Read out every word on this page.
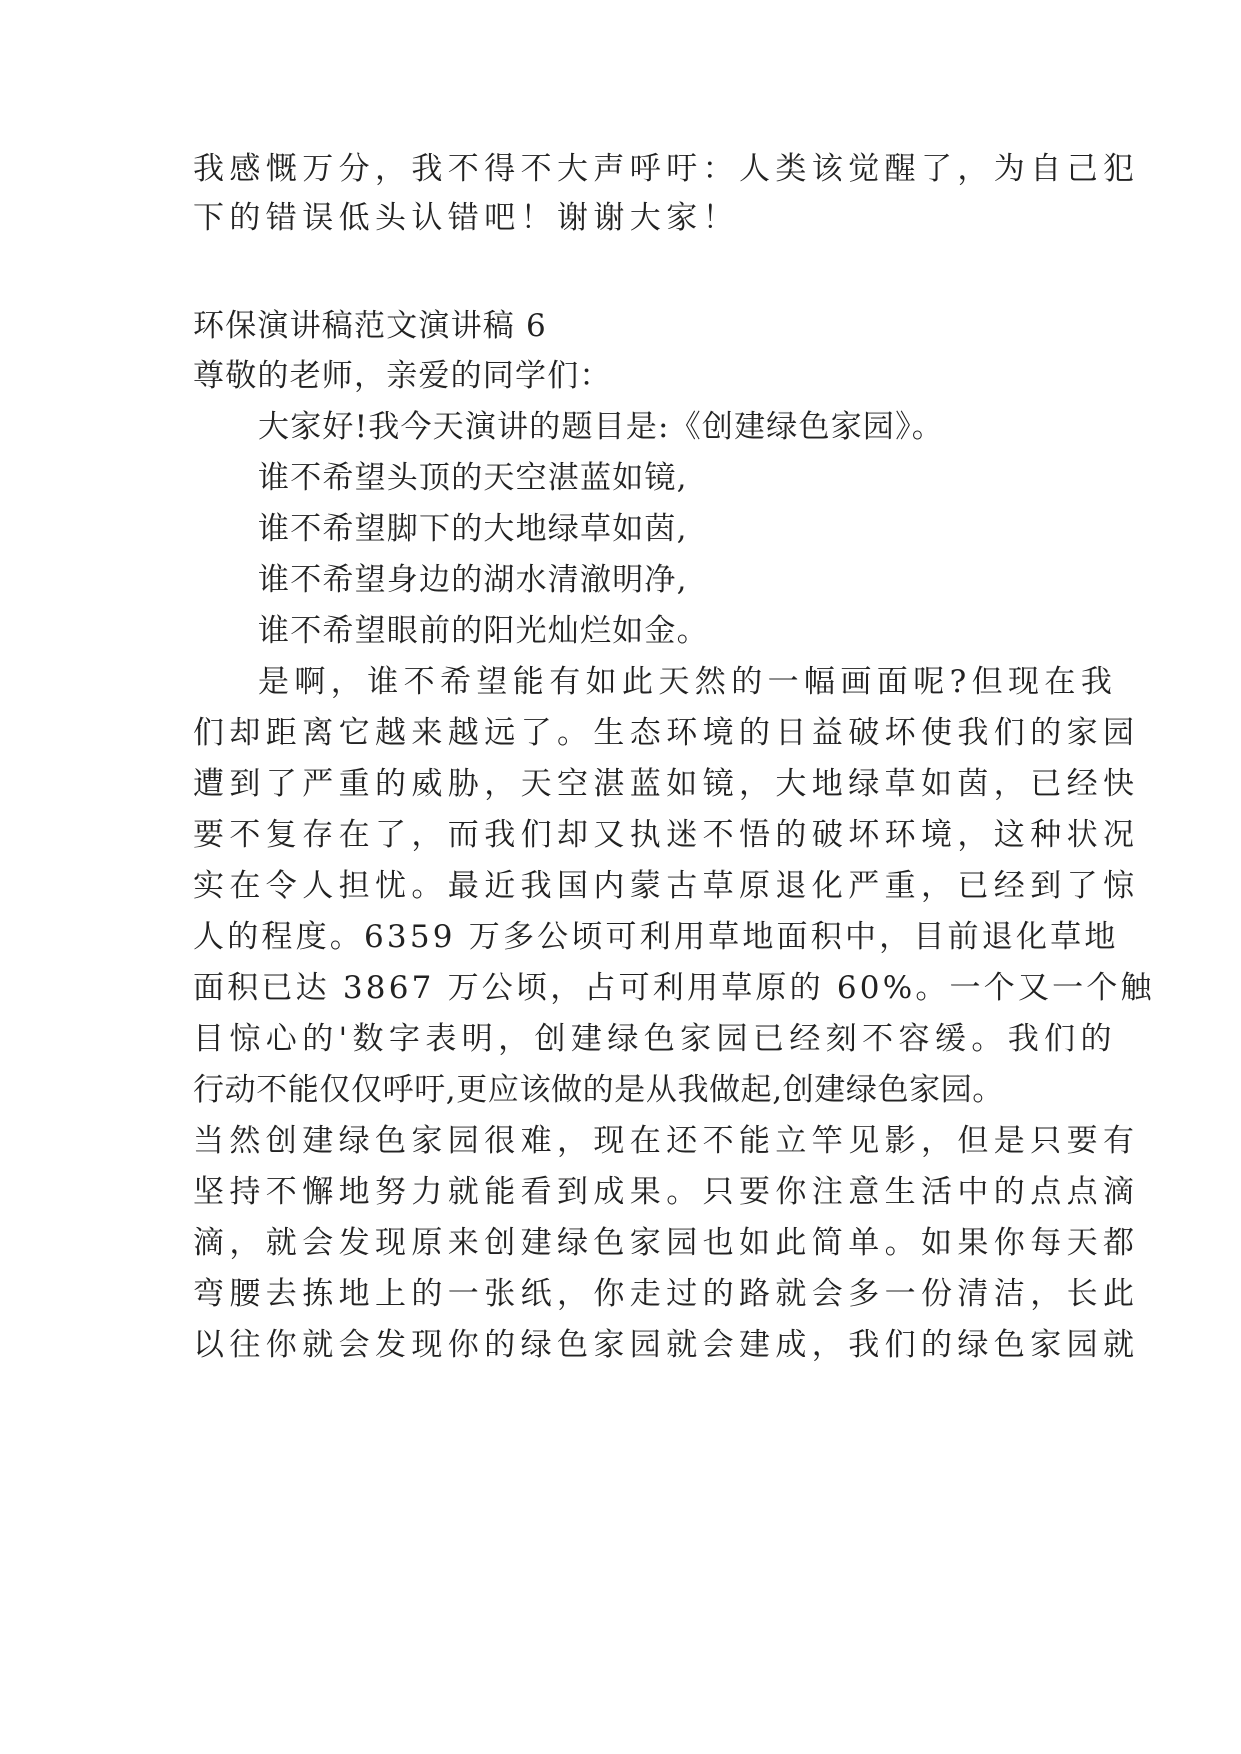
我感慨万分，我不得不大声呼吁：人类该觉醒了，为自己犯
下的错误低头认错吧！谢谢大家！
环保演讲稿范文演讲稿 6
尊敬的老师，亲爱的同学们：
大家好!我今天演讲的题目是:《创建绿色家园》。
谁不希望头顶的天空湛蓝如镜,
谁不希望脚下的大地绿草如茵,
谁不希望身边的湖水清澈明净,
谁不希望眼前的阳光灿烂如金。
是啊，谁不希望能有如此天然的一幅画面呢?但现在我
们却距离它越来越远了。生态环境的日益破坏使我们的家园
遭到了严重的威胁，天空湛蓝如镜，大地绿草如茵，已经快
要不复存在了，而我们却又执迷不悟的破坏环境，这种状况
实在令人担忧。最近我国内蒙古草原退化严重，已经到了惊
人的程度。6359 万多公顷可利用草地面积中，目前退化草地
面积已达 3867 万公顷，占可利用草原的 60%。一个又一个触
目惊心的'数字表明，创建绿色家园已经刻不容缓。我们的
行动不能仅仅呼吁,更应该做的是从我做起,创建绿色家园。
当然创建绿色家园很难，现在还不能立竿见影，但是只要有
坚持不懈地努力就能看到成果。只要你注意生活中的点点滴
滴，就会发现原来创建绿色家园也如此简单。如果你每天都
弯腰去拣地上的一张纸，你走过的路就会多一份清洁，长此
以往你就会发现你的绿色家园就会建成，我们的绿色家园就
